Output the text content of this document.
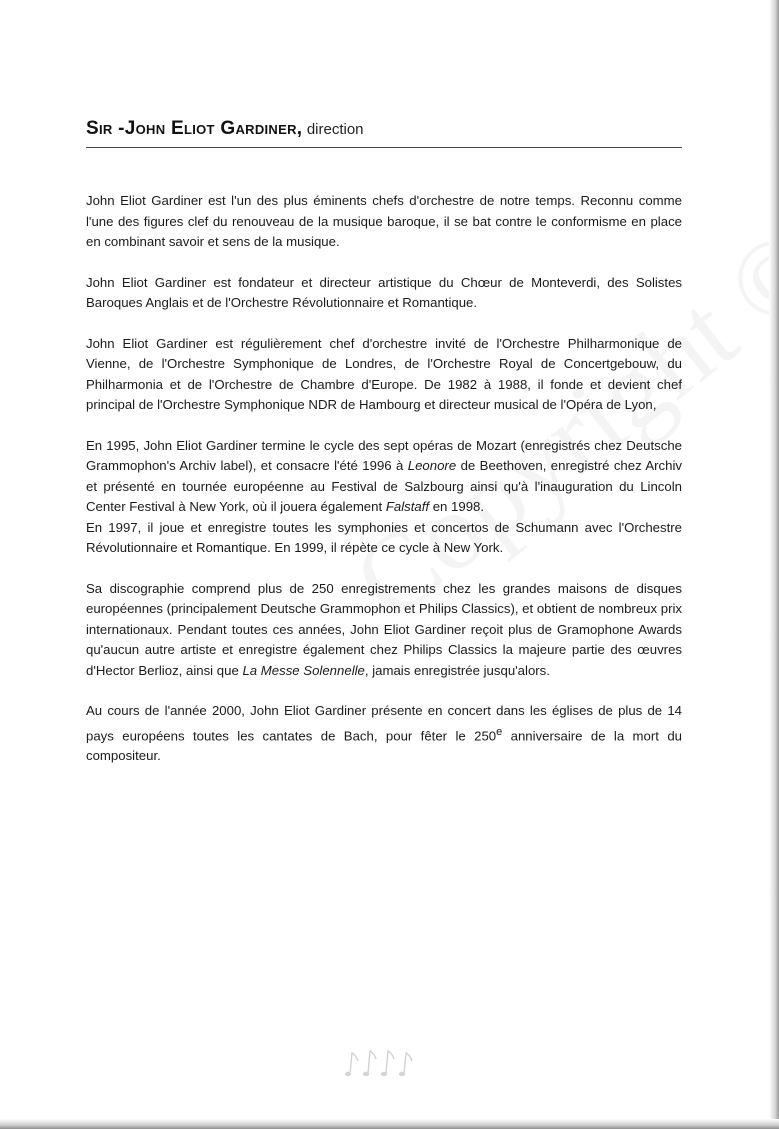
Sir -John Eliot Gardiner, direction

John Eliot Gardiner est l'un des plus éminents chefs d'orchestre de notre temps. Reconnu comme l'une des figures clef du renouveau de la musique baroque, il se bat contre le conformisme en place en combinant savoir et sens de la musique.

John Eliot Gardiner est fondateur et directeur artistique du Chœur de Monteverdi, des Solistes Baroques Anglais et de l'Orchestre Révolutionnaire et Romantique.

John Eliot Gardiner est régulièrement chef d'orchestre invité de l'Orchestre Philharmonique de Vienne, de l'Orchestre Symphonique de Londres, de l'Orchestre Royal de Concertgebouw, du Philharmonia et de l'Orchestre de Chambre d'Europe. De 1982 à 1988, il fonde et devient chef principal de l'Orchestre Symphonique NDR de Hambourg et directeur musical de l'Opéra de Lyon,

En 1995, John Eliot Gardiner termine le cycle des sept opéras de Mozart (enregistrés chez Deutsche Grammophon's Archiv label), et consacre l'été 1996 à Leonore de Beethoven, enregistré chez Archiv et présenté en tournée européenne au Festival de Salzbourg ainsi qu'à l'inauguration du Lincoln Center Festival à New York, où il jouera également Falstaff en 1998.

En 1997, il joue et enregistre toutes les symphonies et concertos de Schumann avec l'Orchestre Révolutionnaire et Romantique. En 1999, il répète ce cycle à New York.

Sa discographie comprend plus de 250 enregistrements chez les grandes maisons de disques européennes (principalement Deutsche Grammophon et Philips Classics), et obtient de nombreux prix internationaux. Pendant toutes ces années, John Eliot Gardiner reçoit plus de Gramophone Awards qu'aucun autre artiste et enregistre également chez Philips Classics la majeure partie des œuvres d'Hector Berlioz, ainsi que La Messe Solennelle, jamais enregistrée jusqu'alors.

Au cours de l'année 2000, John Eliot Gardiner présente en concert dans les églises de plus de 14 pays européens toutes les cantates de Bach, pour fêter le 250e anniversaire de la mort du compositeur.
